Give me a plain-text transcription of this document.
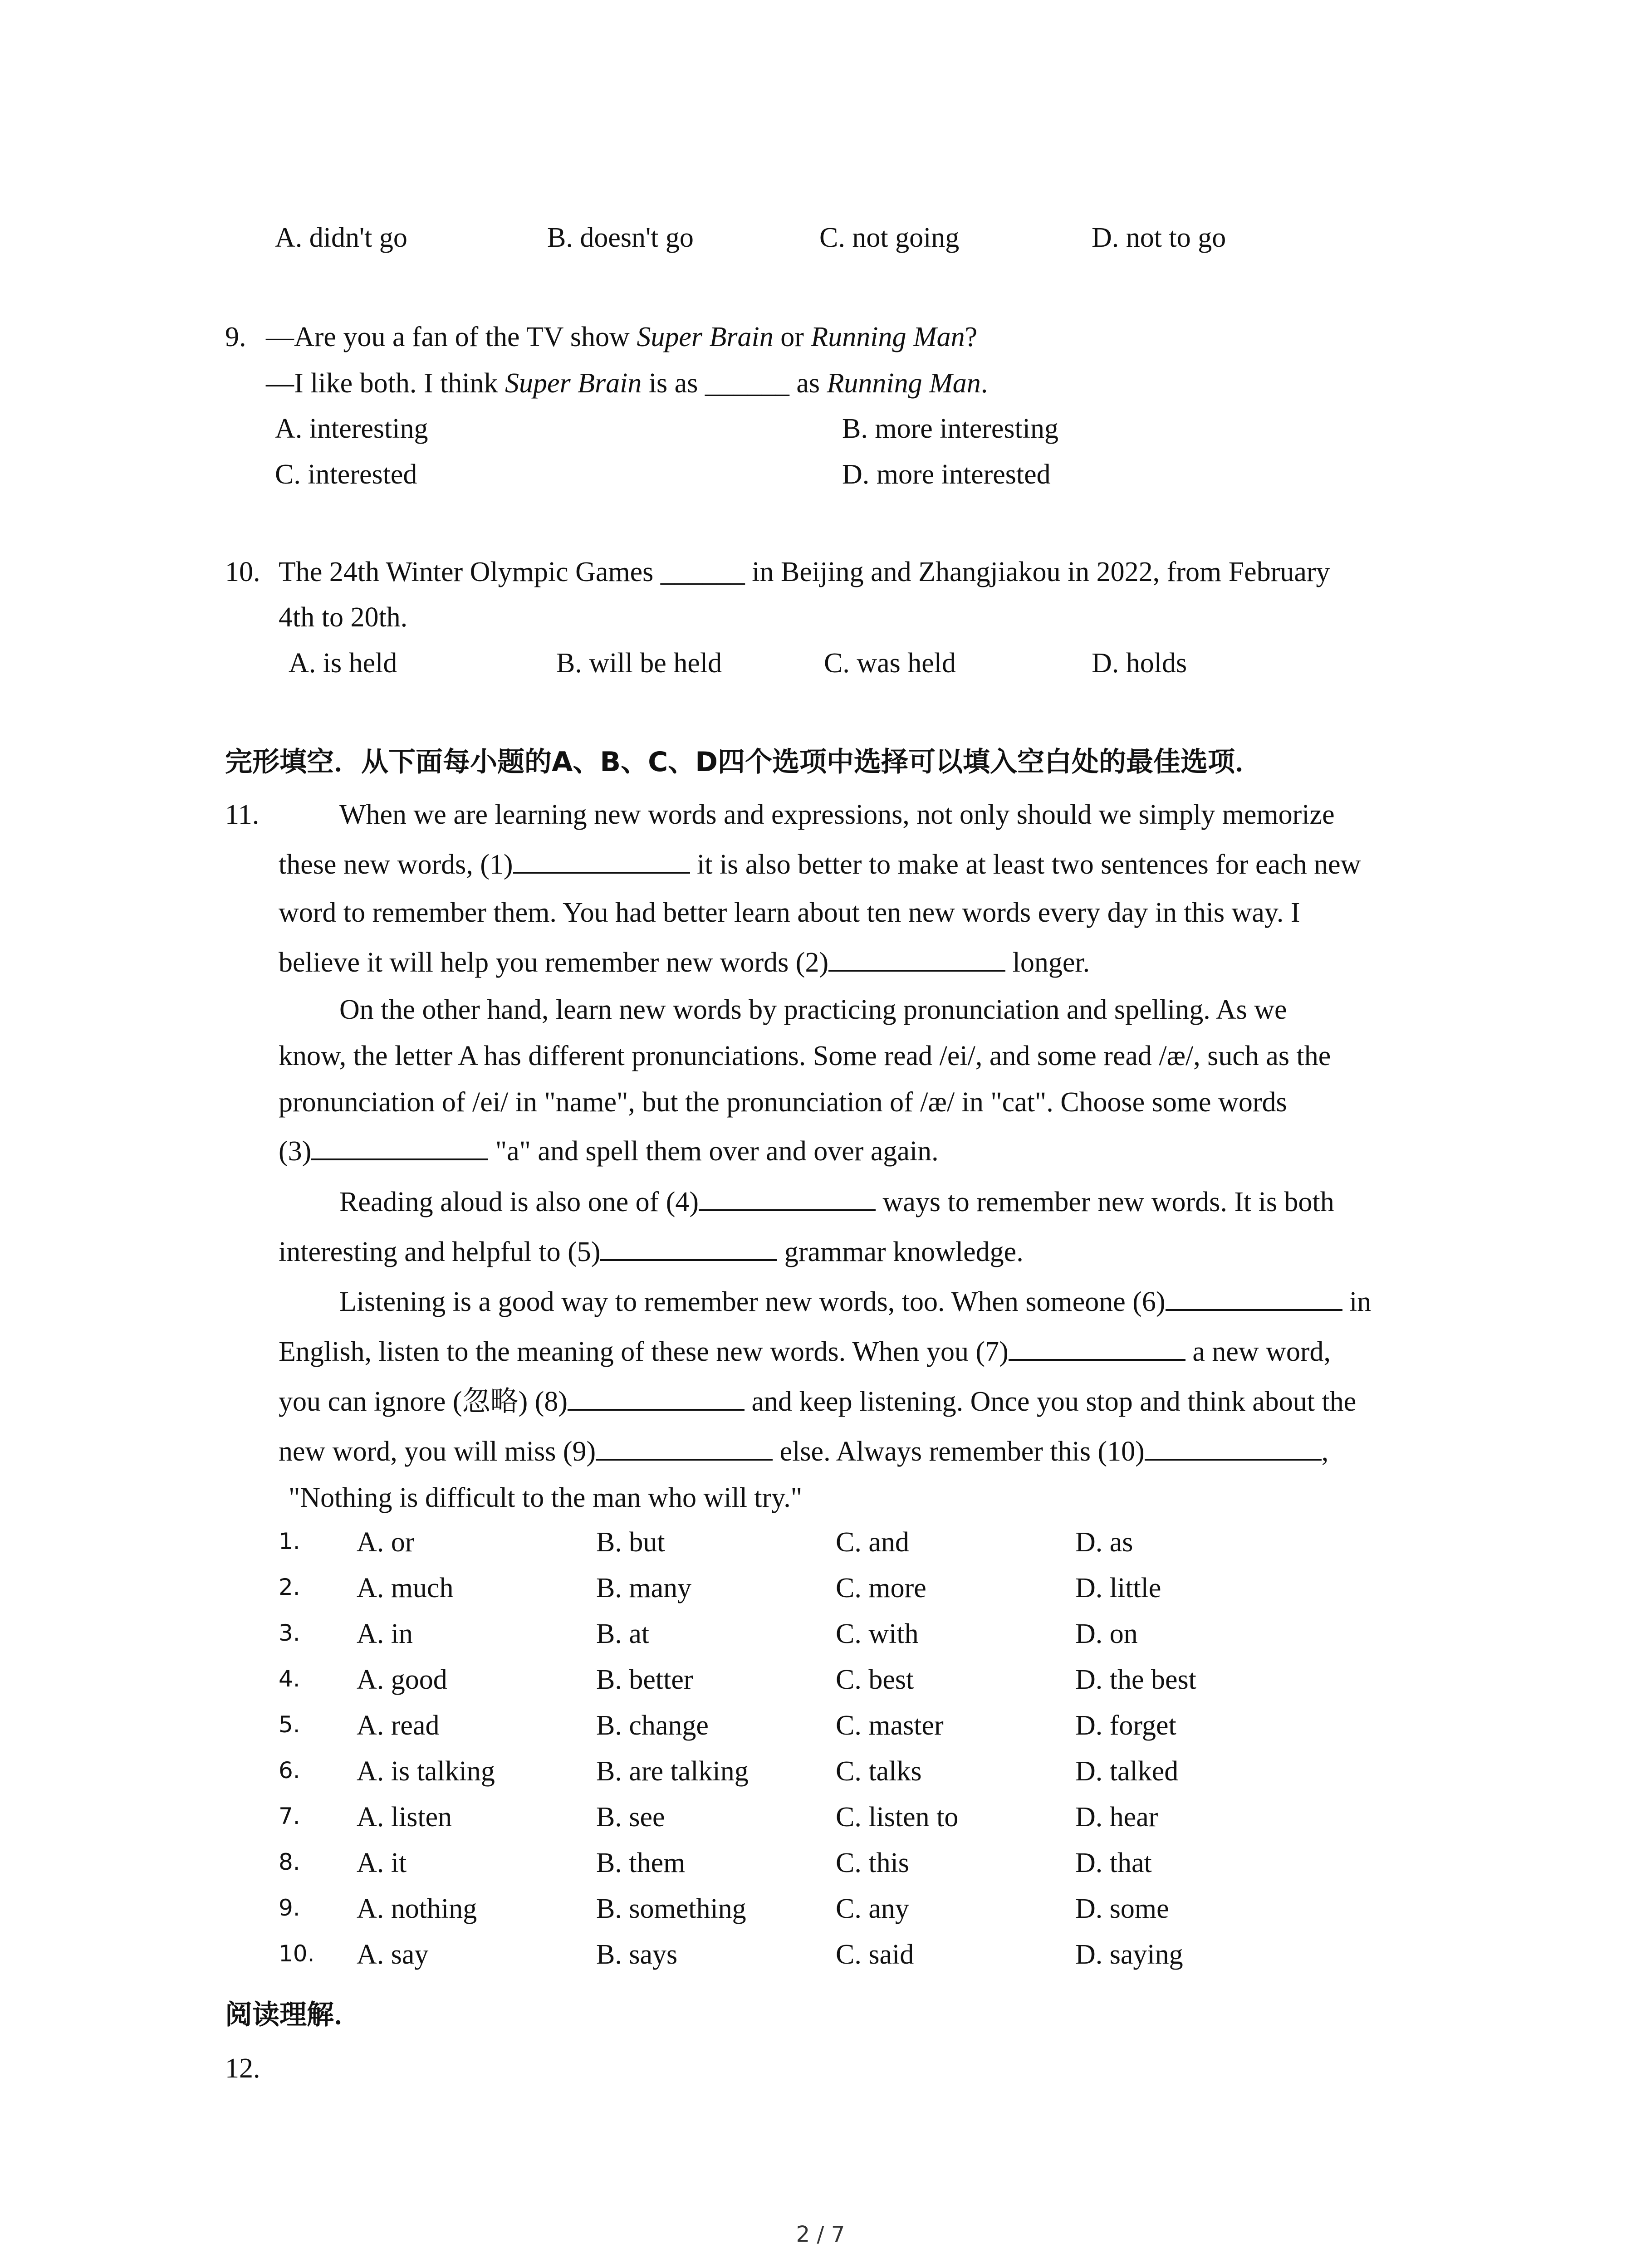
A. didn't go	B. doesn't go	C. not going	D. not to go
9. —Are you a fan of the TV show Super Brain or Running Man?
—I like both. I think Super Brain is as ______ as Running Man.
A. interesting	B. more interesting
C. interested	D. more interested
10. The 24th Winter Olympic Games ______ in Beijing and Zhangjiakou in 2022, from February
4th to 20th.
A. is held	B. will be held	C. was held	D. holds
完形填空．从下面每小题的A、B、C、D四个选项中选择可以填入空白处的最佳选项．
11.	When we are learning new words and expressions, not only should we simply memorize
these new words, (1)	it is also better to make at least two sentences for each new
word to remember them. You had better learn about ten new words every day in this way. I
believe it will help you remember new words (2)	longer.
On the other hand, learn new words by practicing pronunciation and spelling. As we
know, the letter A has different pronunciations. Some read /ei/, and some read /æ/, such as the
pronunciation of /ei/ in "name", but the pronunciation of /æ/ in "cat". Choose some words
(3)	"a" and spell them over and over again.
Reading aloud is also one of (4)	ways to remember new words. It is both
interesting and helpful to (5)	grammar knowledge.
Listening is a good way to remember new words, too. When someone (6)	in
English, listen to the meaning of these new words. When you (7)	a new word,
you can ignore (忽略) (8)	and keep listening. Once you stop and think about the
new word, you will miss (9)	else. Always remember this (10)	,
"Nothing is difficult to the man who will try."
1. A. or	B. but	C. and	D. as
2. A. much	B. many	C. more	D. little
3. A. in	B. at	C. with	D. on
4. A. good	B. better	C. best	D. the best
5. A. read	B. change	C. master	D. forget
6. A. is talking	B. are talking	C. talks	D. talked
7. A. listen	B. see	C. listen to	D. hear
8. A. it	B. them	C. this	D. that
9. A. nothing	B. something	C. any	D. some
10. A. say	B. says	C. said	D. saying
阅读理解．
12.
2 / 7
